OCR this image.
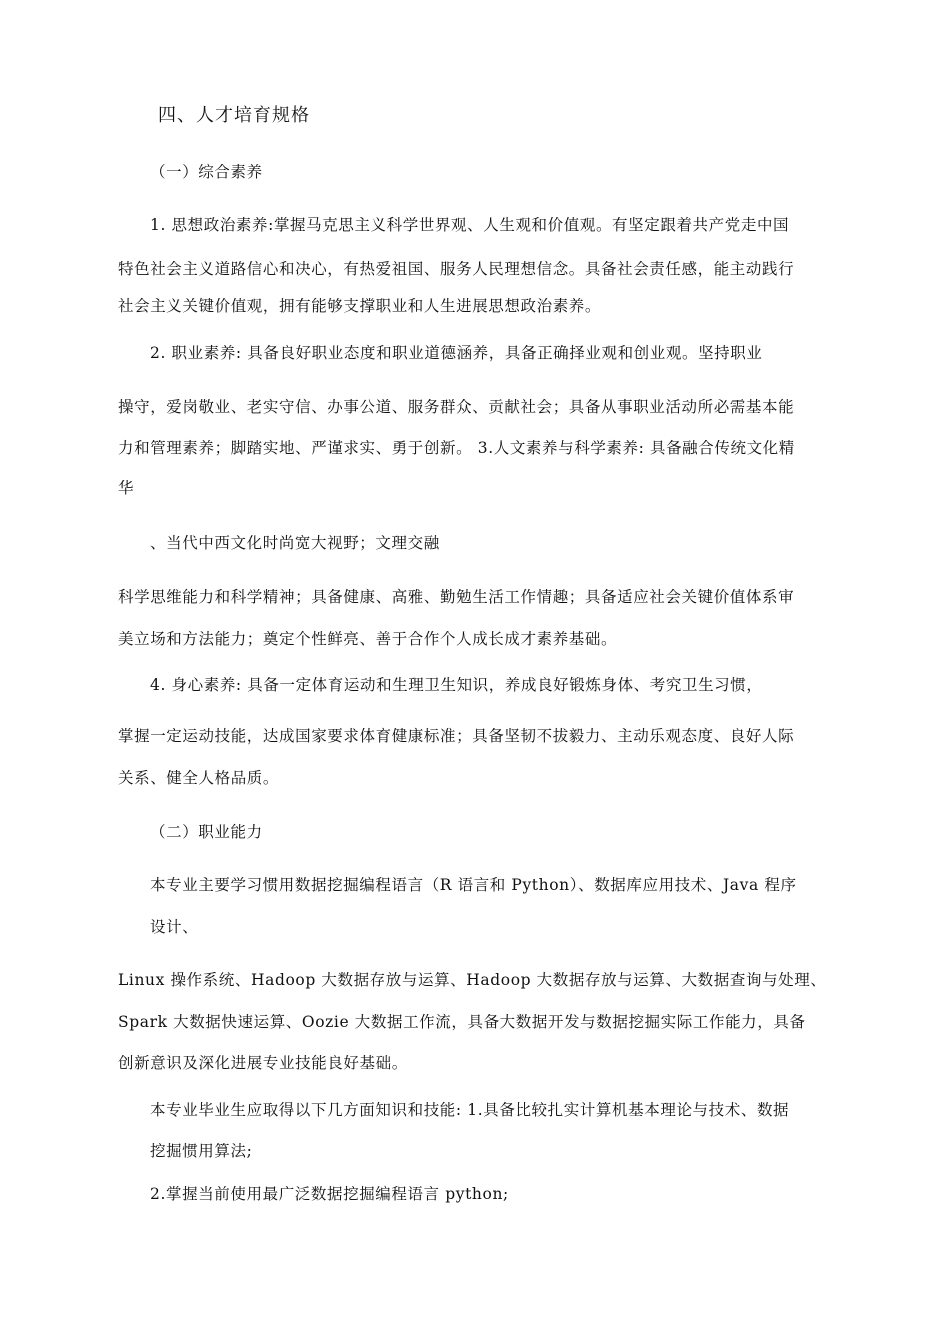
四、人才培育规格
（一）综合素养
1. 思想政治素养:掌握马克思主义科学世界观、人生观和价值观。有坚定跟着共产党走中国
特色社会主义道路信心和决心，有热爱祖国、服务人民理想信念。具备社会责任感，能主动践行
社会主义关键价值观，拥有能够支撑职业和人生进展思想政治素养。
2. 职业素养: 具备良好职业态度和职业道德涵养，具备正确择业观和创业观。坚持职业
操守，爱岗敬业、老实守信、办事公道、服务群众、贡献社会；具备从事职业活动所必需基本能
力和管理素养；脚踏实地、严谨求实、勇于创新。 3.人文素养与科学素养: 具备融合传统文化精
华
、当代中西文化时尚宽大视野；文理交融
科学思维能力和科学精神；具备健康、高雅、勤勉生活工作情趣；具备适应社会关键价值体系审
美立场和方法能力；奠定个性鲜亮、善于合作个人成长成才素养基础。
4. 身心素养: 具备一定体育运动和生理卫生知识，养成良好锻炼身体、考究卫生习惯，
掌握一定运动技能，达成国家要求体育健康标准；具备坚韧不拔毅力、主动乐观态度、良好人际
关系、健全人格品质。
（二）职业能力
本专业主要学习惯用数据挖掘编程语言（R 语言和 Python）、数据库应用技术、Java 程序
设计、
Linux 操作系统、Hadoop 大数据存放与运算、Hadoop 大数据存放与运算、大数据查询与处理、
Spark 大数据快速运算、Oozie 大数据工作流，具备大数据开发与数据挖掘实际工作能力，具备
创新意识及深化进展专业技能良好基础。
本专业毕业生应取得以下几方面知识和技能: 1.具备比较扎实计算机基本理论与技术、数据
挖掘惯用算法;
2.掌握当前使用最广泛数据挖掘编程语言 python;
